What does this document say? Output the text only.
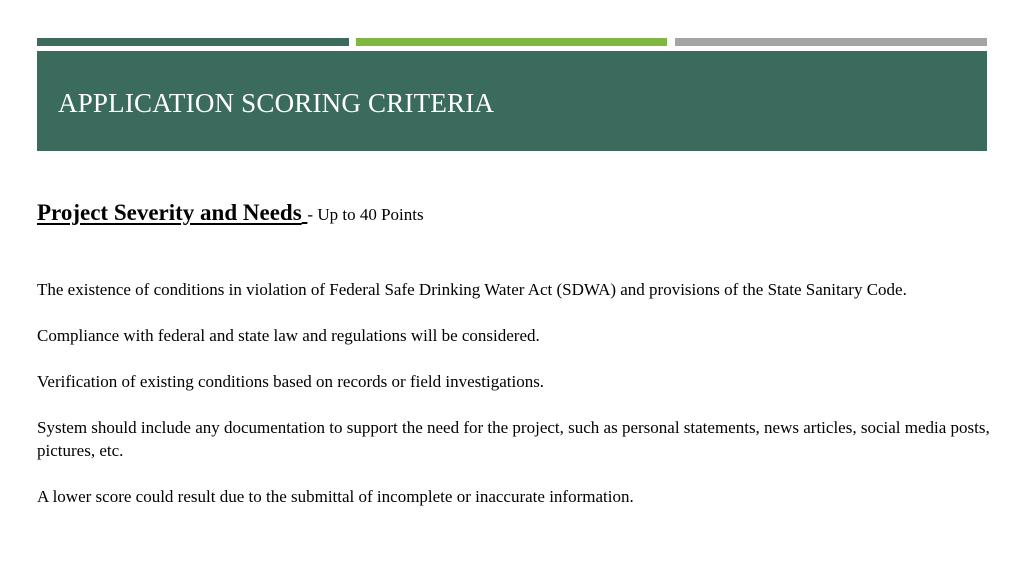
APPLICATION SCORING CRITERIA

Project Severity and Needs - Up to 40 Points

The existence of conditions in violation of Federal Safe Drinking Water Act (SDWA) and provisions of the State Sanitary Code.

Compliance with federal and state law and regulations will be considered.

Verification of existing conditions based on records or field investigations.

System should include any documentation to support the need for the project, such as personal statements, news articles, social media posts, pictures, etc.

A lower score could result due to the submittal of incomplete or inaccurate information.
